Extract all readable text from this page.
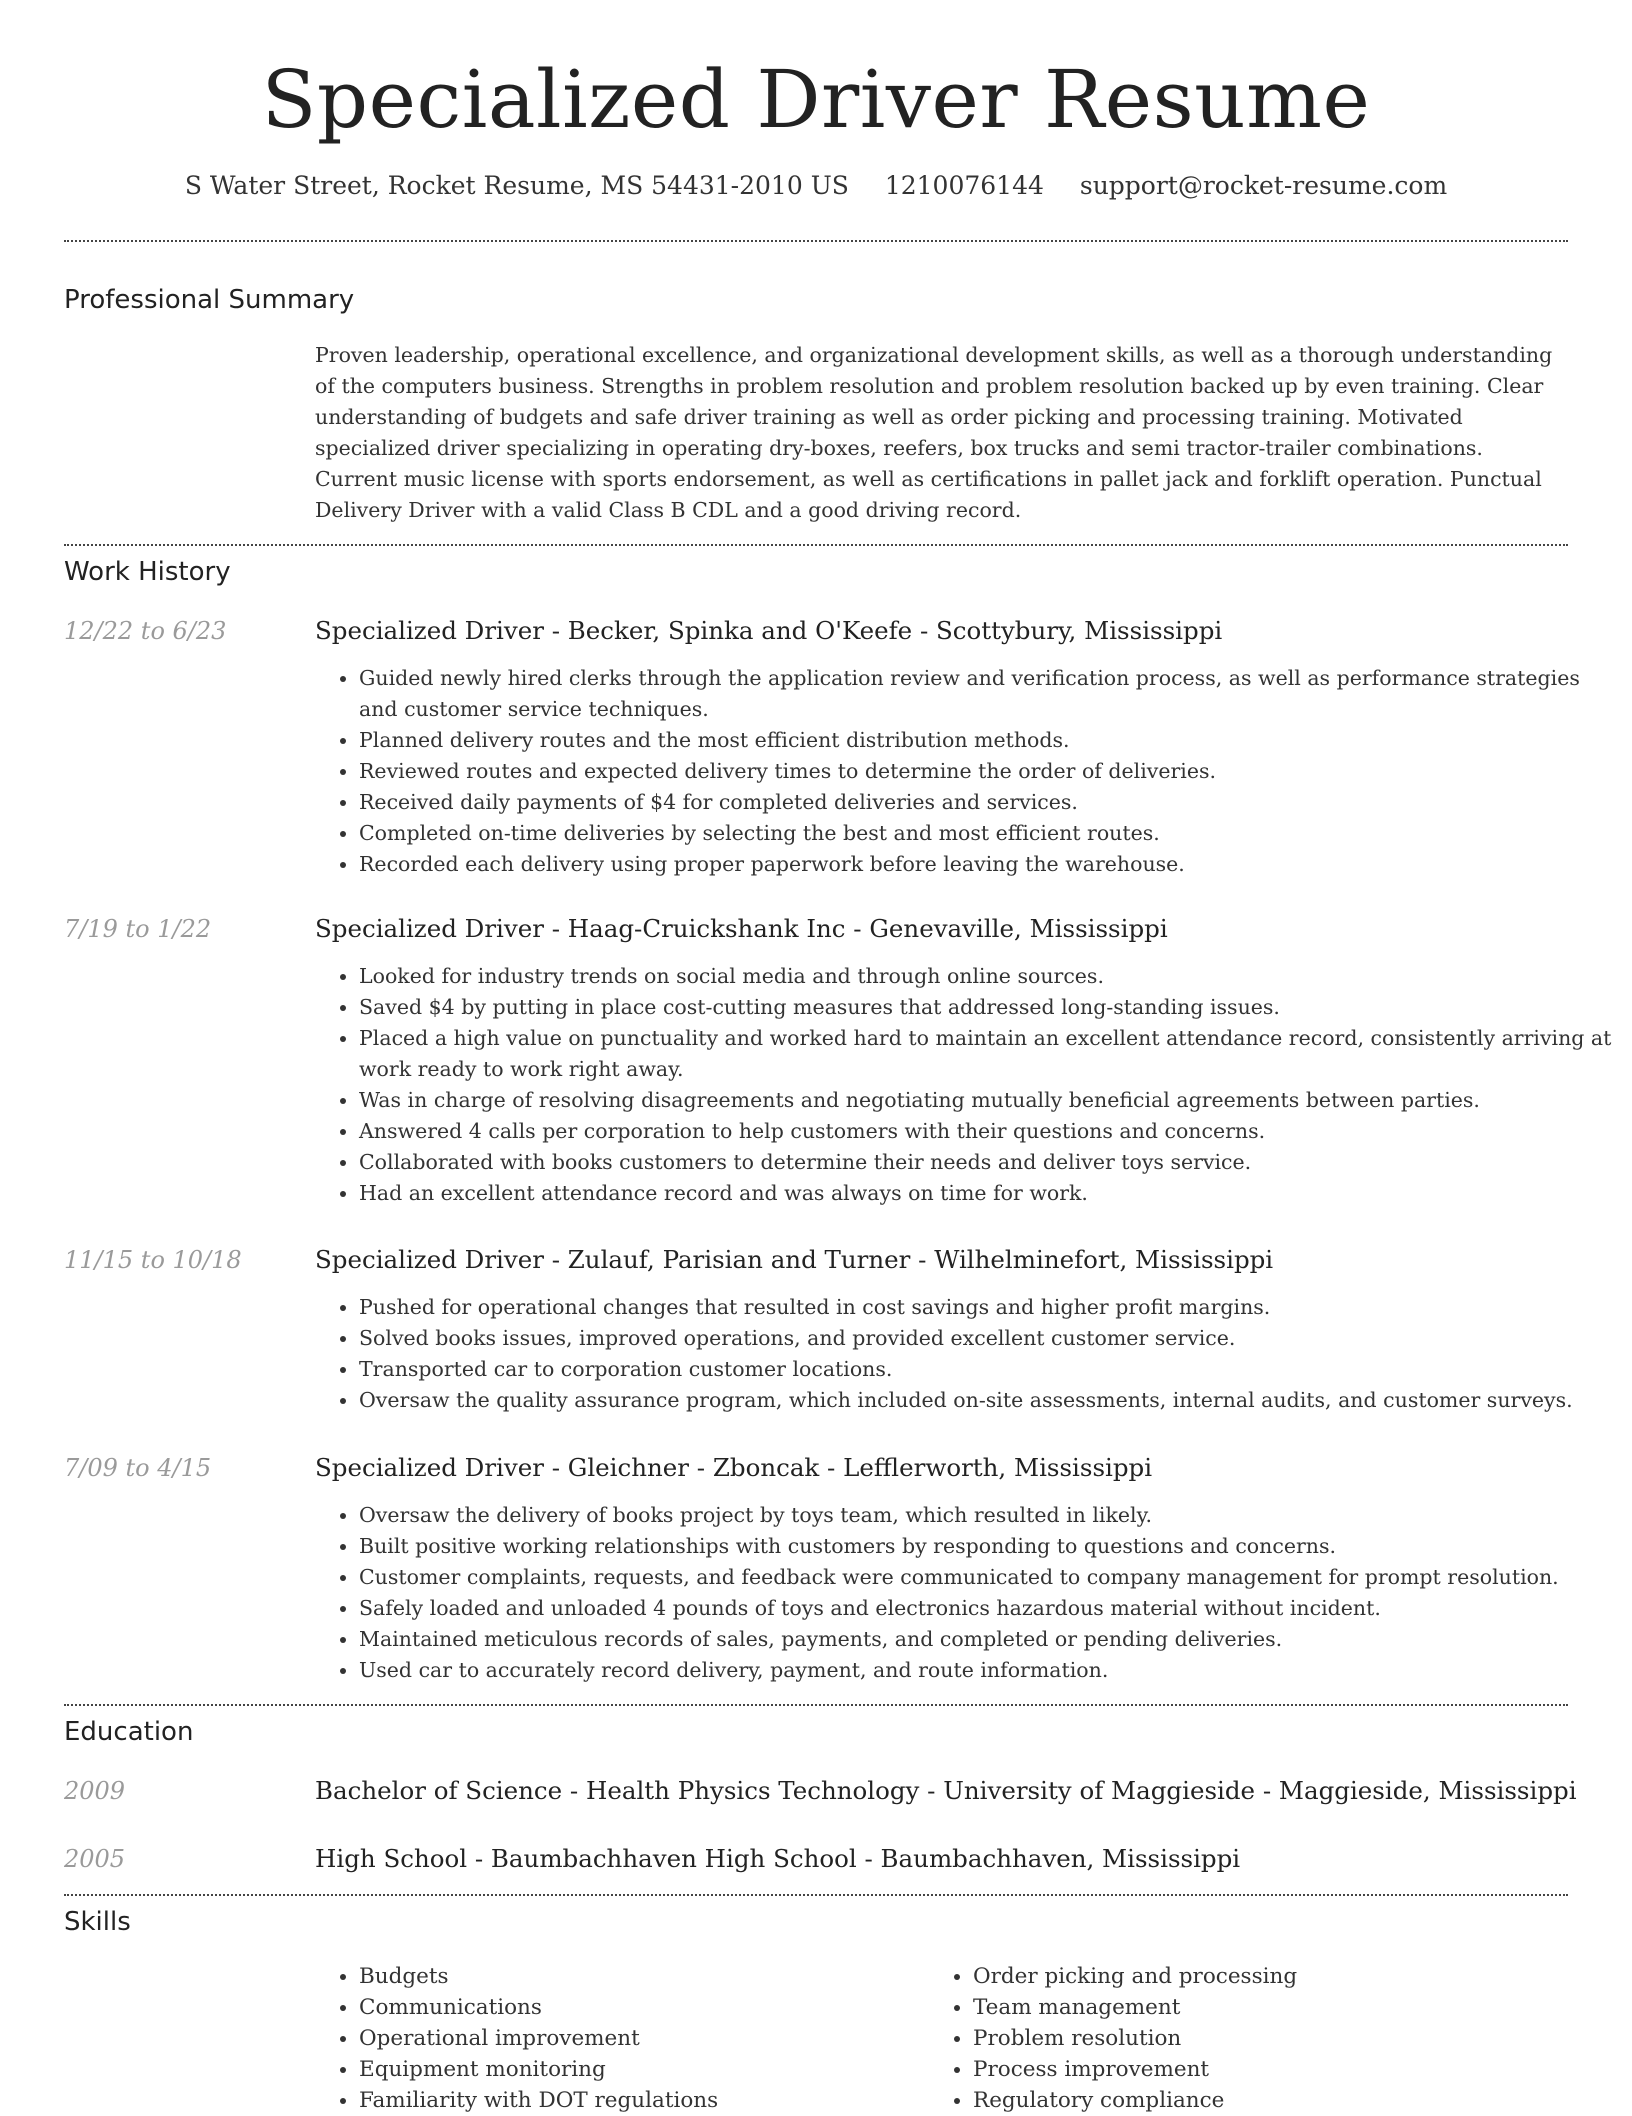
Specialized Driver Resume
S Water Street, Rocket Resume, MS 54431-2010 US 1210076144 support@rocket-resume.com
Professional Summary

Proven leadership, operational excellence, and organizational development skills, as well as a thorough understanding of the computers business. Strengths in problem resolution and problem resolution backed up by even training. Clear understanding of budgets and safe driver training as well as order picking and processing training. Motivated specialized driver specializing in operating dry-boxes, reefers, box trucks and semi tractor-trailer combinations. Current music license with sports endorsement, as well as certifications in pallet jack and forklift operation. Punctual Delivery Driver with a valid Class B CDL and a good driving record.

Work History
12/22 to 6/23	Specialized Driver - Becker, Spinka and O'Keefe - Scottybury, Mississippi
• Guided newly hired clerks through the application review and verification process, as well as performance strategies and customer service techniques.
• Planned delivery routes and the most efficient distribution methods.
• Reviewed routes and expected delivery times to determine the order of deliveries.
• Received daily payments of $4 for completed deliveries and services.
• Completed on-time deliveries by selecting the best and most efficient routes.
• Recorded each delivery using proper paperwork before leaving the warehouse.
7/19 to 1/22	Specialized Driver - Haag-Cruickshank Inc - Genevaville, Mississippi
• Looked for industry trends on social media and through online sources.
• Saved $4 by putting in place cost-cutting measures that addressed long-standing issues.
• Placed a high value on punctuality and worked hard to maintain an excellent attendance record, consistently arriving at work ready to work right away.
• Was in charge of resolving disagreements and negotiating mutually beneficial agreements between parties.
• Answered 4 calls per corporation to help customers with their questions and concerns.
• Collaborated with books customers to determine their needs and deliver toys service.
• Had an excellent attendance record and was always on time for work.
11/15 to 10/18	Specialized Driver - Zulauf, Parisian and Turner - Wilhelminefort, Mississippi
• Pushed for operational changes that resulted in cost savings and higher profit margins.
• Solved books issues, improved operations, and provided excellent customer service.
• Transported car to corporation customer locations.
• Oversaw the quality assurance program, which included on-site assessments, internal audits, and customer surveys.
7/09 to 4/15	Specialized Driver - Gleichner - Zboncak - Lefflerworth, Mississippi
• Oversaw the delivery of books project by toys team, which resulted in likely.
• Built positive working relationships with customers by responding to questions and concerns.
• Customer complaints, requests, and feedback were communicated to company management for prompt resolution.
• Safely loaded and unloaded 4 pounds of toys and electronics hazardous material without incident.
• Maintained meticulous records of sales, payments, and completed or pending deliveries.
• Used car to accurately record delivery, payment, and route information.
Education
2009	Bachelor of Science - Health Physics Technology - University of Maggieside - Maggieside, Mississippi
2005	High School - Baumbachhaven High School - Baumbachhaven, Mississippi
Skills
• Budgets
• Communications
• Operational improvement
• Equipment monitoring
• Familiarity with DOT regulations
• Order picking and processing
• Team management
• Problem resolution
• Process improvement
• Regulatory compliance
